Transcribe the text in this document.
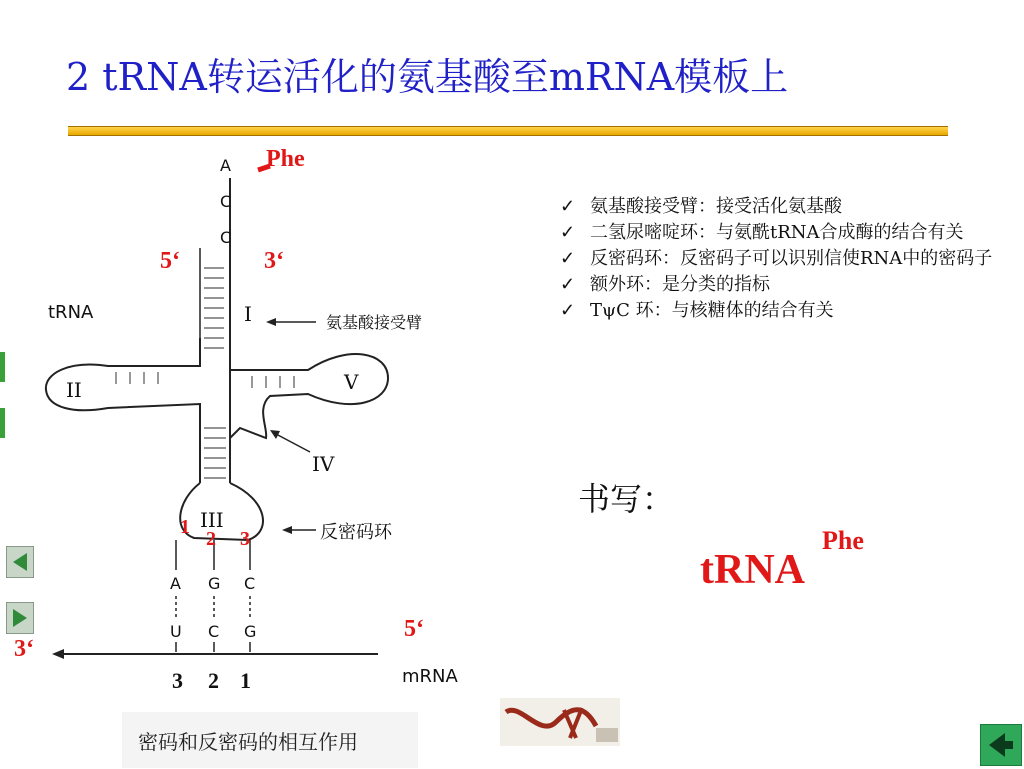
2 tRNA转运活化的氨基酸至mRNA模板上
A
C
C
Phe
5‘	3‘
tRNA	I	氨基酸接受臂
II	V
IV
III
反密码环
1
2 3
A G C
U C G	5‘
3‘
3 2 1	mRNA
密码和反密码的相互作用
✓ 氨基酸接受臂：接受活化氨基酸
✓ 二氢尿嘧啶环：与氨酰tRNA合成酶的结合有关
✓ 反密码环：反密码子可以识别信使RNA中的密码子
✓ 额外环：是分类的指标
✓ TψC 环：与核糖体的结合有关
书写：
tRNA
Phe
